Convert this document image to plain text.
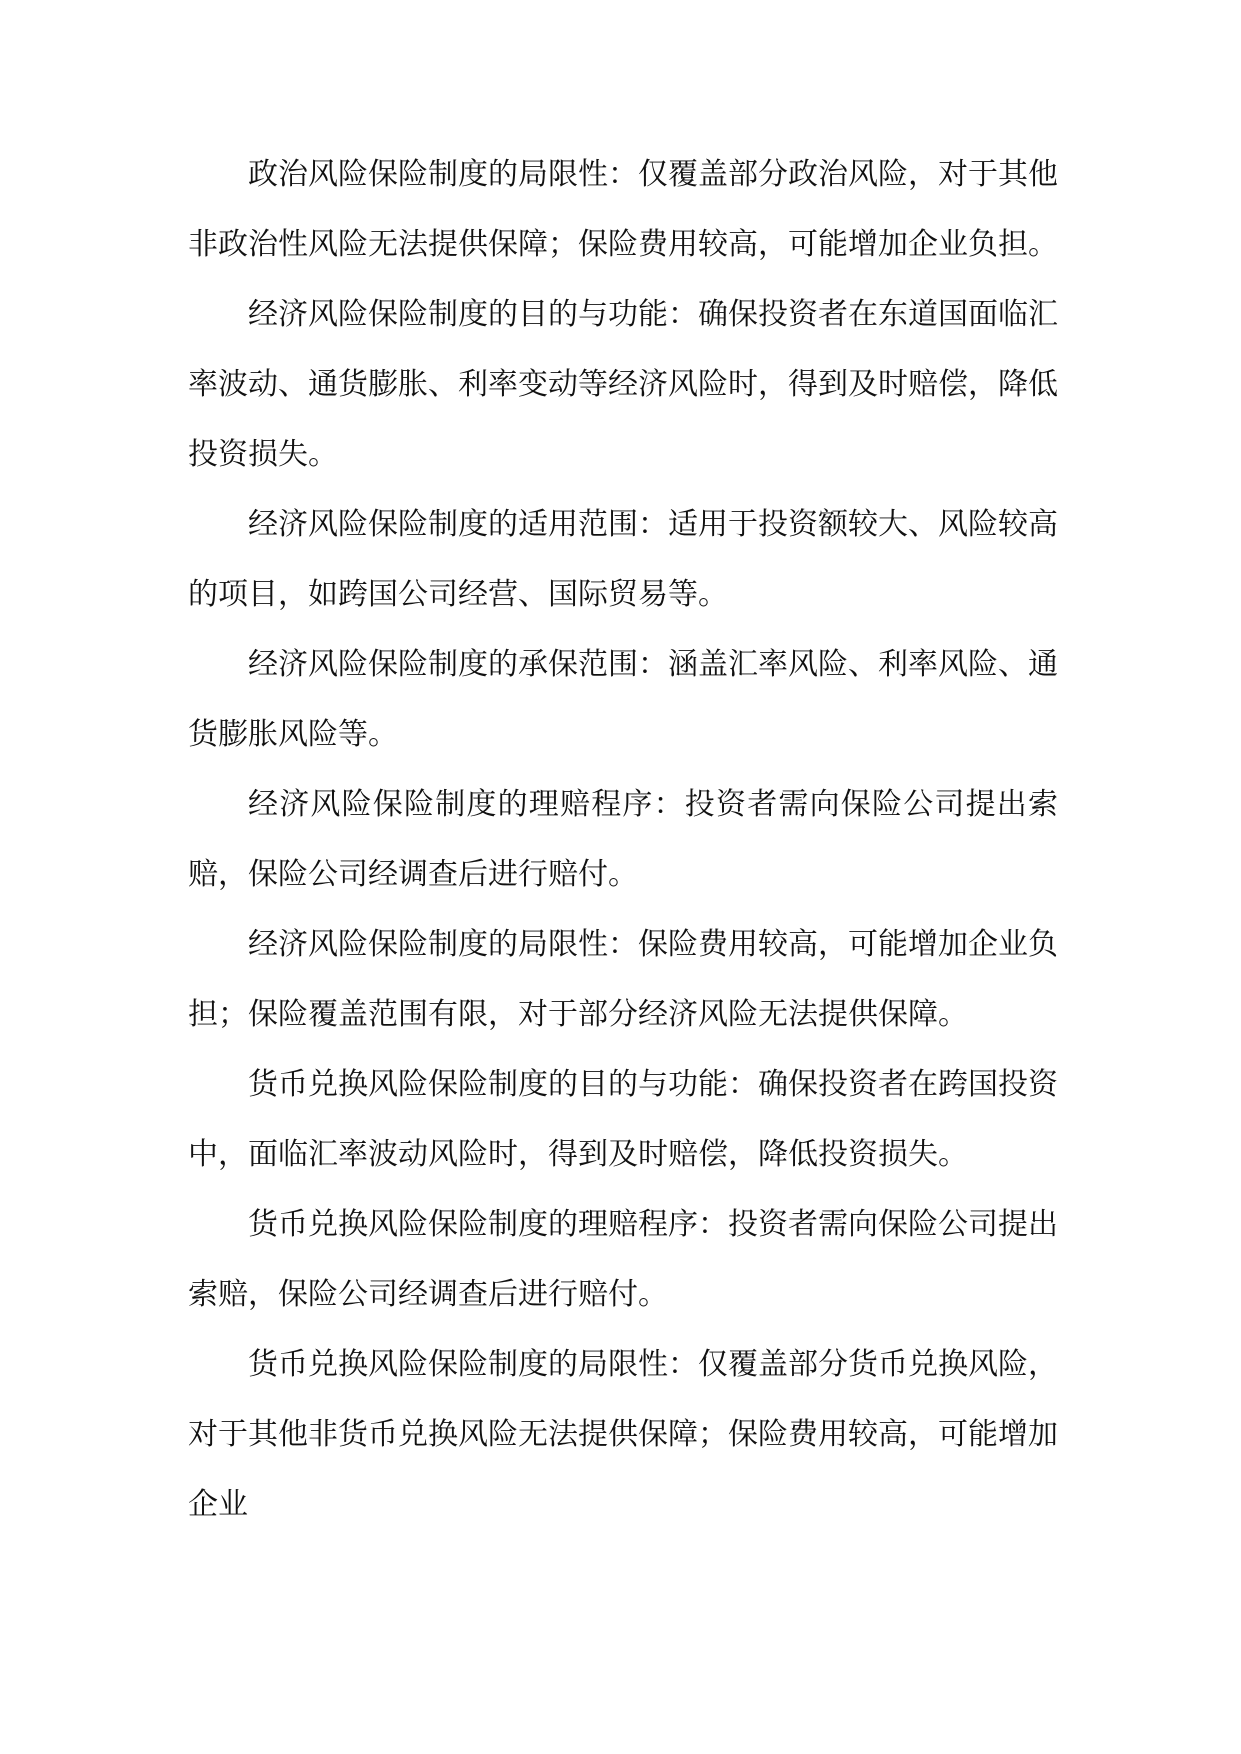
政治风险保险制度的局限性：仅覆盖部分政治风险，对于其他非政治性风险无法提供保障；保险费用较高，可能增加企业负担。

经济风险保险制度的目的与功能：确保投资者在东道国面临汇率波动、通货膨胀、利率变动等经济风险时，得到及时赔偿，降低投资损失。

经济风险保险制度的适用范围：适用于投资额较大、风险较高的项目，如跨国公司经营、国际贸易等。

经济风险保险制度的承保范围：涵盖汇率风险、利率风险、通货膨胀风险等。

经济风险保险制度的理赔程序：投资者需向保险公司提出索赔，保险公司经调查后进行赔付。

经济风险保险制度的局限性：保险费用较高，可能增加企业负担；保险覆盖范围有限，对于部分经济风险无法提供保障。

货币兑换风险保险制度的目的与功能：确保投资者在跨国投资中，面临汇率波动风险时，得到及时赔偿，降低投资损失。

货币兑换风险保险制度的理赔程序：投资者需向保险公司提出索赔，保险公司经调查后进行赔付。

货币兑换风险保险制度的局限性：仅覆盖部分货币兑换风险，对于其他非货币兑换风险无法提供保障；保险费用较高，可能增加企业
